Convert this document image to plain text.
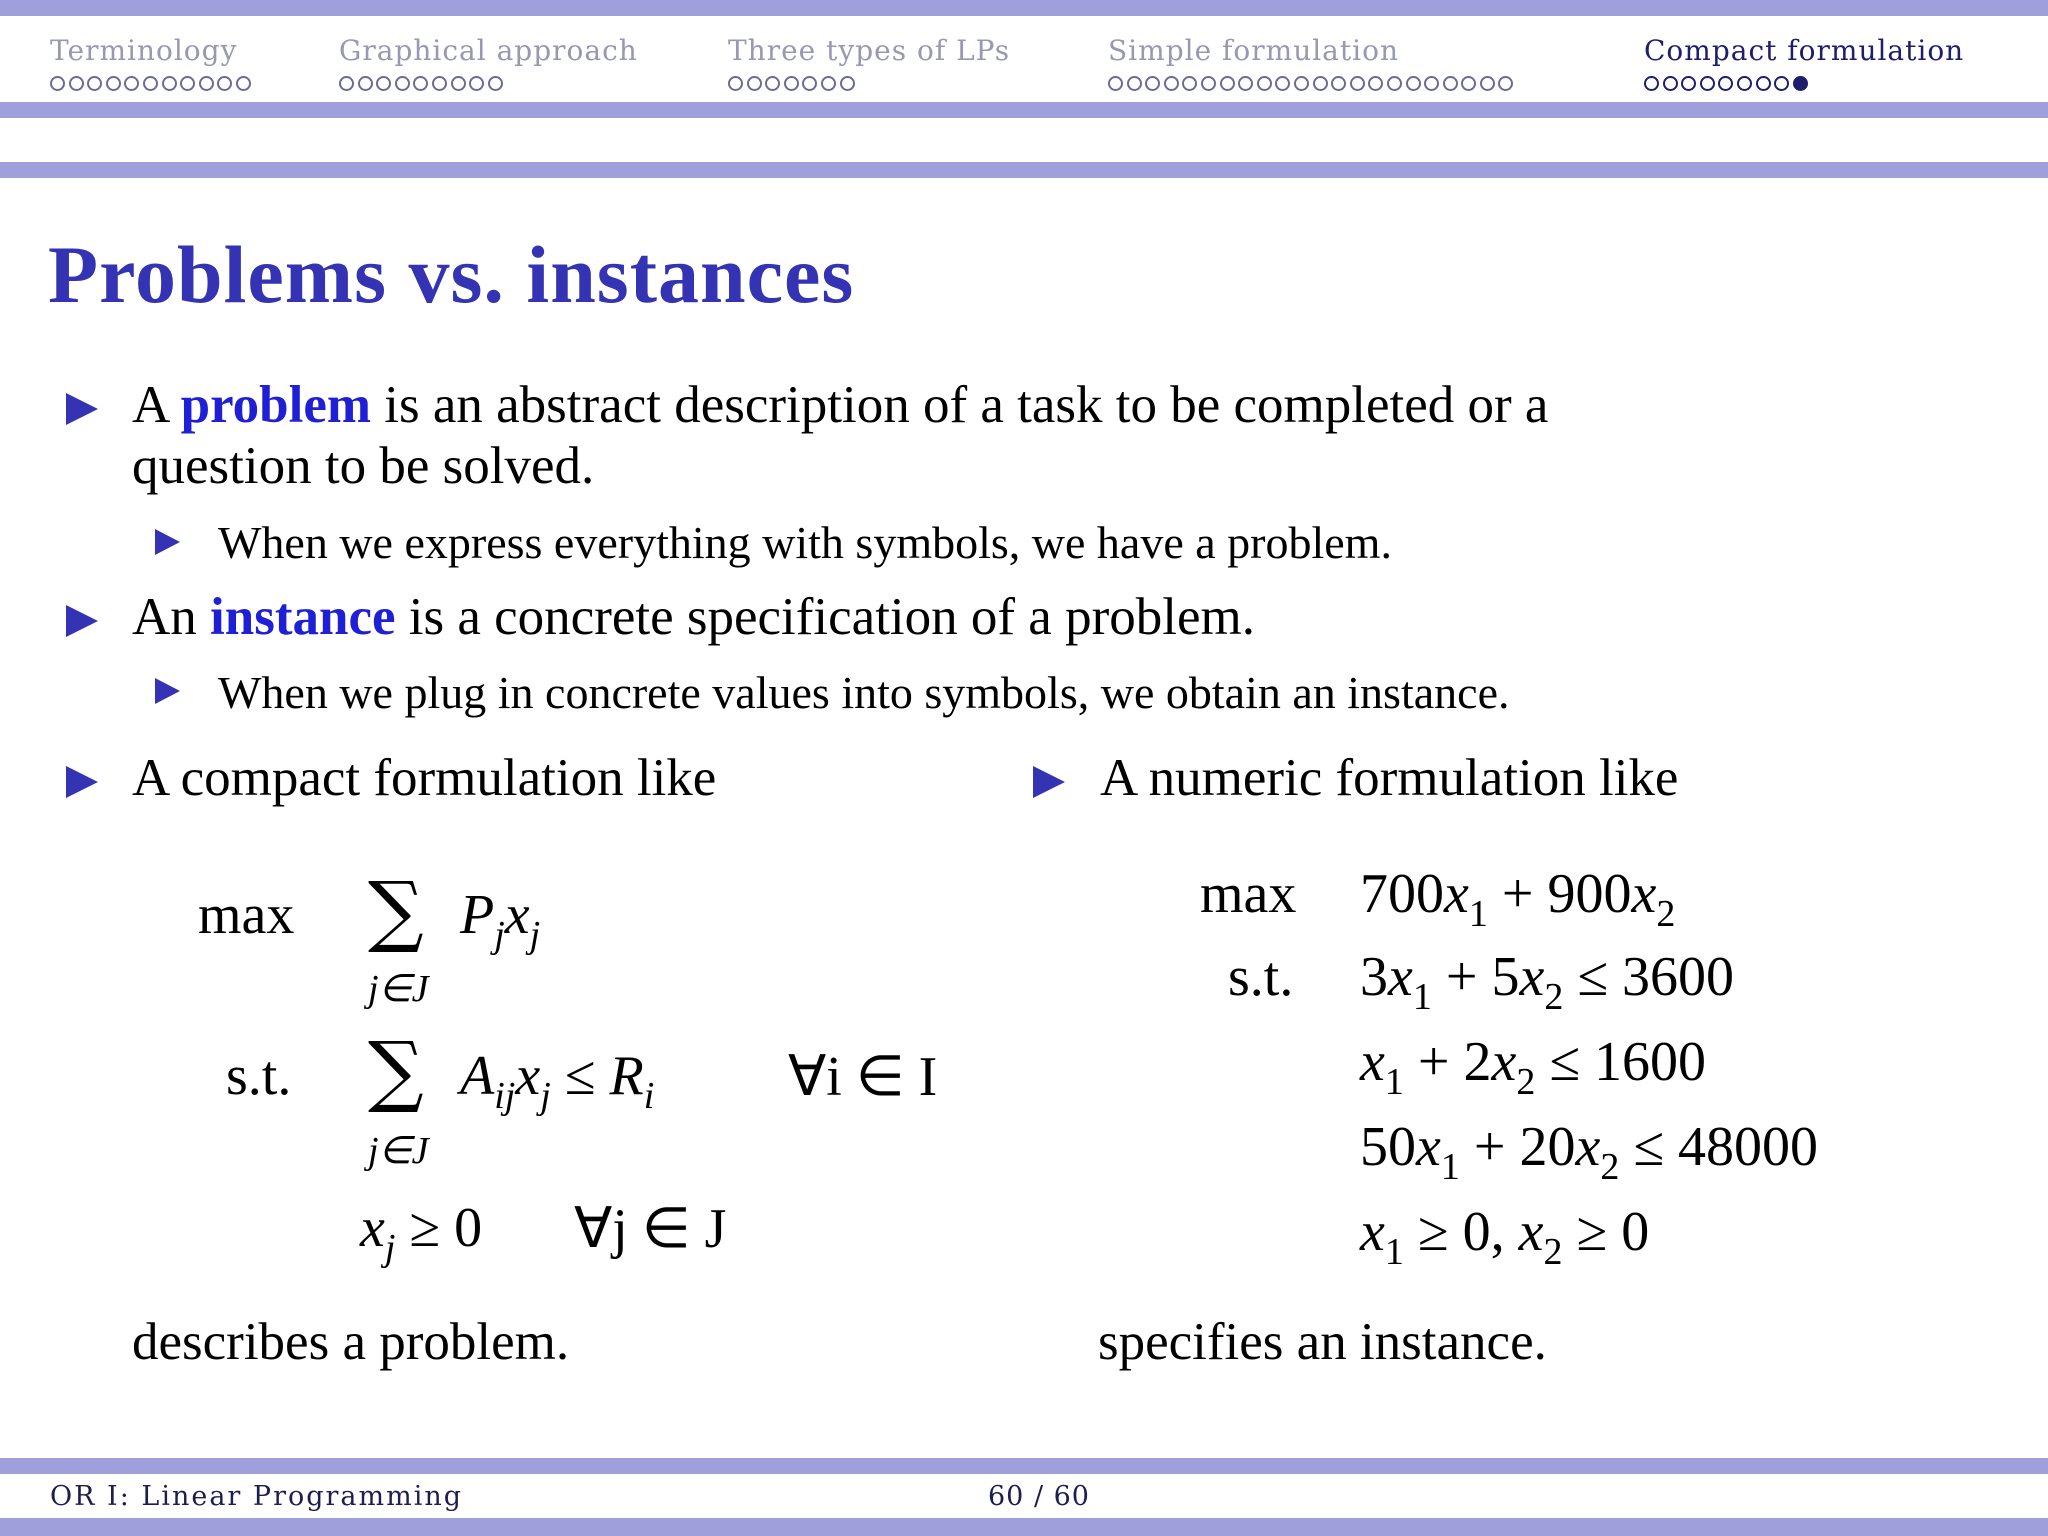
Terminology	Graphical approach	Three types of LPs	Simple formulation	Compact formulation
Problems vs. instances
A problem is an abstract description of a task to be completed or a
question to be solved.
When we express everything with symbols, we have a problem.
An instance is a concrete specification of a problem.
When we plug in concrete values into symbols, we obtain an instance.
A compact formulation like	A numeric formulation like
max ∑ $P_jx_j$
j∈J
s.t. ∑ $A_{ij}x_j \le R_i$ ∀i ∈ I
j∈J
$x_j \ge 0$ ∀j ∈ J
$\max 700x_1 + 900x_2$
s.t. $3x_1 + 5x_2 \le 3600$
$x_1 + 2x_2 \le 1600$
$50x_1 + 20x_2 \le 48000$
$x_1 \ge 0$, $x_2 \ge 0$
describes a problem.	specifies an instance.
OR I: Linear Programming	60 / 60
